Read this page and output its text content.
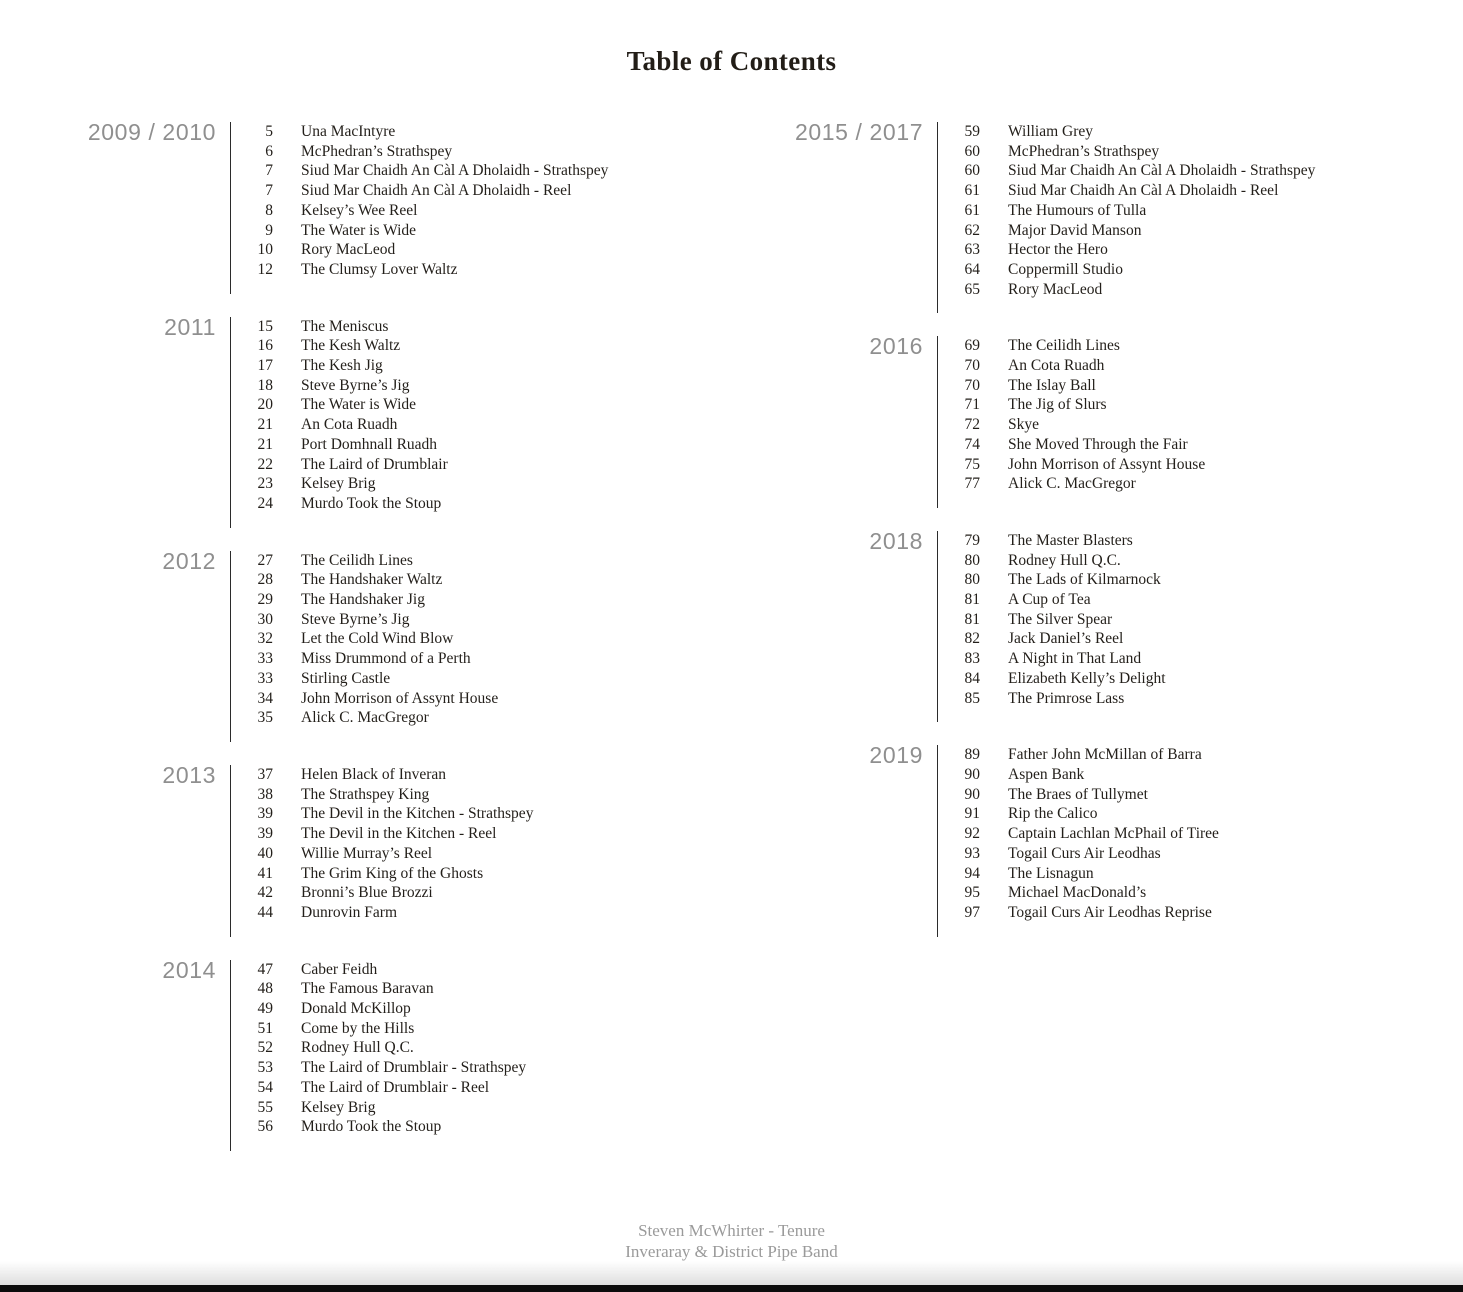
Table of Contents
2009 / 2010	5 Una MacIntyre
6 McPhedran’s Strathspey
7 Siud Mar Chaidh An Càl A Dholaidh - Strathspey
7 Siud Mar Chaidh An Càl A Dholaidh - Reel
8 Kelsey’s Wee Reel
9 The Water is Wide
10 Rory MacLeod
12 The Clumsy Lover Waltz
2011	15 The Meniscus
16 The Kesh Waltz
17 The Kesh Jig
18 Steve Byrne’s Jig
20 The Water is Wide
21 An Cota Ruadh
21 Port Domhnall Ruadh
22 The Laird of Drumblair
23 Kelsey Brig
24 Murdo Took the Stoup
2012	27 The Ceilidh Lines
28 The Handshaker Waltz
29 The Handshaker Jig
30 Steve Byrne’s Jig
32 Let the Cold Wind Blow
33 Miss Drummond of a Perth
33 Stirling Castle
34 John Morrison of Assynt House
35 Alick C. MacGregor
2013	37 Helen Black of Inveran
38 The Strathspey King
39 The Devil in the Kitchen - Strathspey
39 The Devil in the Kitchen - Reel
40 Willie Murray’s Reel
41 The Grim King of the Ghosts
42 Bronni’s Blue Brozzi
44 Dunrovin Farm
2014	47 Caber Feidh
48 The Famous Baravan
49 Donald McKillop
51 Come by the Hills
52 Rodney Hull Q.C.
53 The Laird of Drumblair - Strathspey
54 The Laird of Drumblair - Reel
55 Kelsey Brig
56 Murdo Took the Stoup
2015 / 2017	59 William Grey
60 McPhedran’s Strathspey
60 Siud Mar Chaidh An Càl A Dholaidh - Strathspey
61 Siud Mar Chaidh An Càl A Dholaidh - Reel
61 The Humours of Tulla
62 Major David Manson
63 Hector the Hero
64 Coppermill Studio
65 Rory MacLeod
2016	69 The Ceilidh Lines
70 An Cota Ruadh
70 The Islay Ball
71 The Jig of Slurs
72 Skye
74 She Moved Through the Fair
75 John Morrison of Assynt House
77 Alick C. MacGregor
2018	79 The Master Blasters
80 Rodney Hull Q.C.
80 The Lads of Kilmarnock
81 A Cup of Tea
81 The Silver Spear
82 Jack Daniel’s Reel
83 A Night in That Land
84 Elizabeth Kelly’s Delight
85 The Primrose Lass
2019	89 Father John McMillan of Barra
90 Aspen Bank
90 The Braes of Tullymet
91 Rip the Calico
92 Captain Lachlan McPhail of Tiree
93 Togail Curs Air Leodhas
94 The Lisnagun
95 Michael MacDonald’s
97 Togail Curs Air Leodhas Reprise
Steven McWhirter - Tenure
Inveraray & District Pipe Band
